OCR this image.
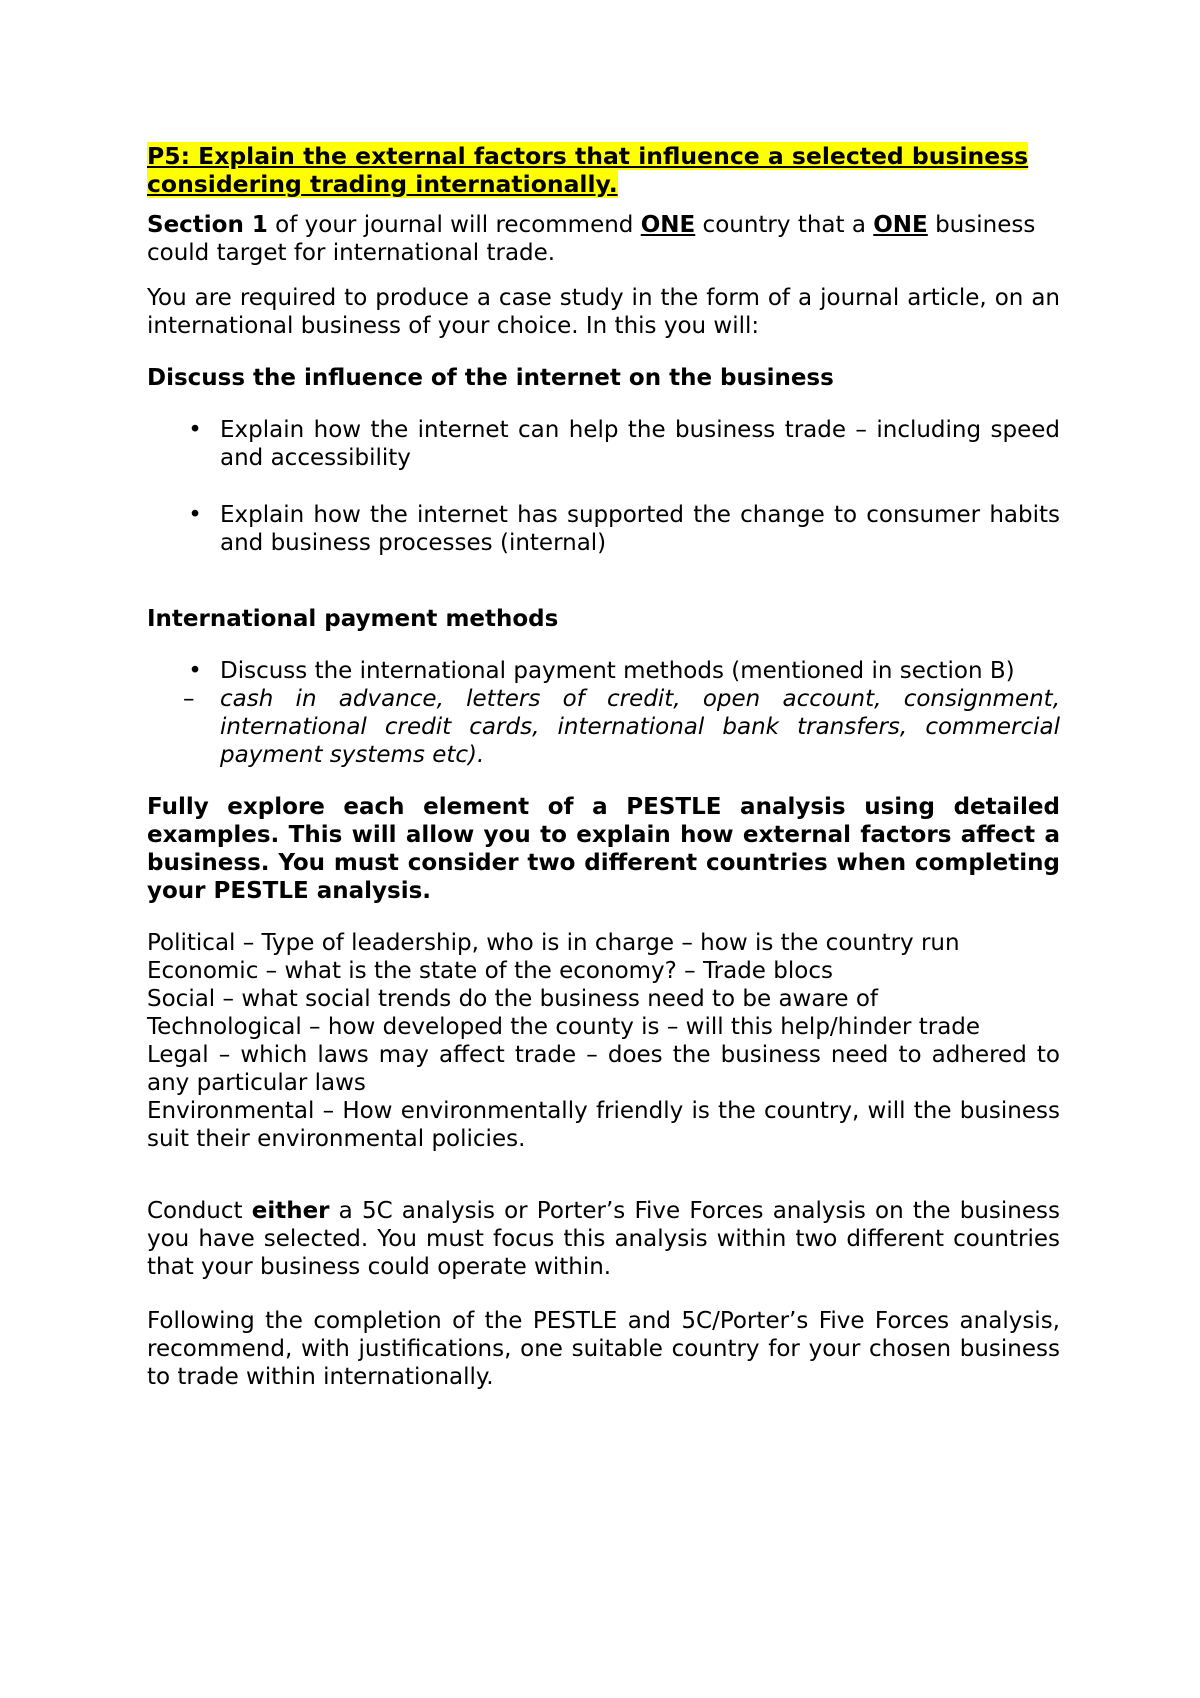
P5: Explain the external factors that influence a selected business
considering trading internationally.

Section 1 of your journal will recommend ONE country that a ONE business could target for international trade.

You are required to produce a case study in the form of a journal article, on an international business of your choice. In this you will:

Discuss the influence of the internet on the business

• Explain how the internet can help the business trade – including speed and accessibility
• Explain how the internet has supported the change to consumer habits and business processes (internal)

International payment methods

• Discuss the international payment methods (mentioned in section B)
– cash in advance, letters of credit, open account, consignment, international credit cards, international bank transfers, commercial payment systems etc).

Fully explore each element of a PESTLE analysis using detailed examples. This will allow you to explain how external factors affect a business. You must consider two different countries when completing your PESTLE analysis.

Political – Type of leadership, who is in charge – how is the country run

Economic – what is the state of the economy? – Trade blocs

Social – what social trends do the business need to be aware of

Technological – how developed the county is – will this help/hinder trade

Legal – which laws may affect trade – does the business need to adhered to any particular laws

Environmental – How environmentally friendly is the country, will the business suit their environmental policies.

Conduct either a 5C analysis or Porter’s Five Forces analysis on the business you have selected. You must focus this analysis within two different countries that your business could operate within.

Following the completion of the PESTLE and 5C/Porter’s Five Forces analysis, recommend, with justifications, one suitable country for your chosen business to trade within internationally.
